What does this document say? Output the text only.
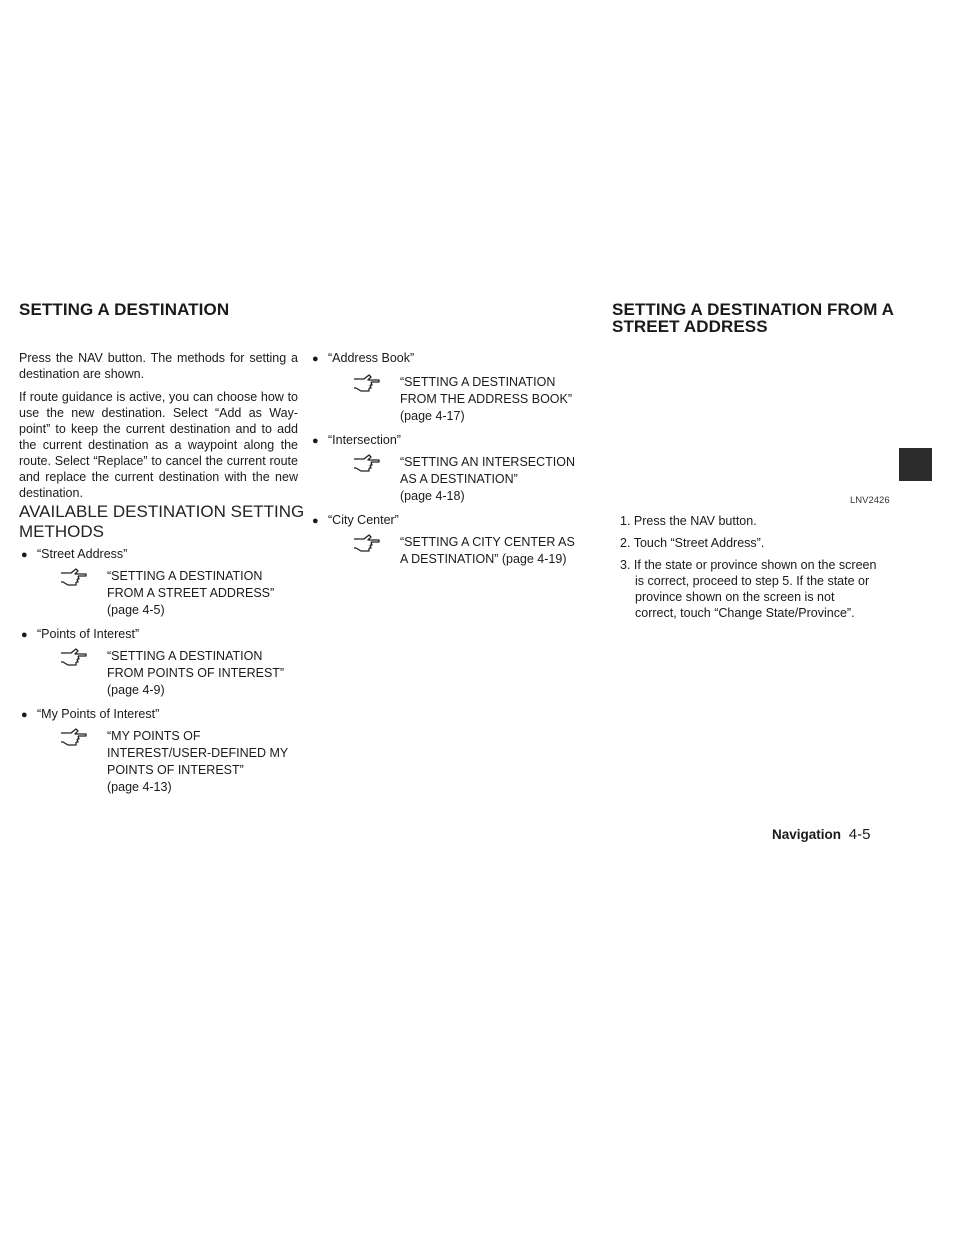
SETTING A DESTINATION	SETTING A DESTINATION FROM A
STREET ADDRESS

Press the NAV button. The methods for setting a destination are shown.

If route guidance is active, you can choose how to use the new destination. Select “Add as Way-point” to keep the current destination and to add the current destination as a waypoint along the route. Select “Replace” to cancel the current route and replace the current destination with the new destination.

AVAILABLE DESTINATION SETTING
METHODS
● “Street Address”
“SETTING A DESTINATION
FROM A STREET ADDRESS”
(page 4-5)
● “Points of Interest”
“SETTING A DESTINATION
FROM POINTS OF INTEREST”
(page 4-9)
● “My Points of Interest”
“MY POINTS OF
INTEREST/USER-DEFINED MY
POINTS OF INTEREST”
(page 4-13)
● “Address Book”
“SETTING A DESTINATION
FROM THE ADDRESS BOOK”
(page 4-17)
● “Intersection”
“SETTING AN INTERSECTION
AS A DESTINATION”
(page 4-18)
● “City Center”
“SETTING A CITY CENTER AS
A DESTINATION” (page 4-19)
LNV2426
1. Press the NAV button.
2. Touch “Street Address”.
3. If the state or province shown on the screen
is correct, proceed to step 5. If the state or
province shown on the screen is not
correct, touch “Change State/Province”.
Navigation 4-5
